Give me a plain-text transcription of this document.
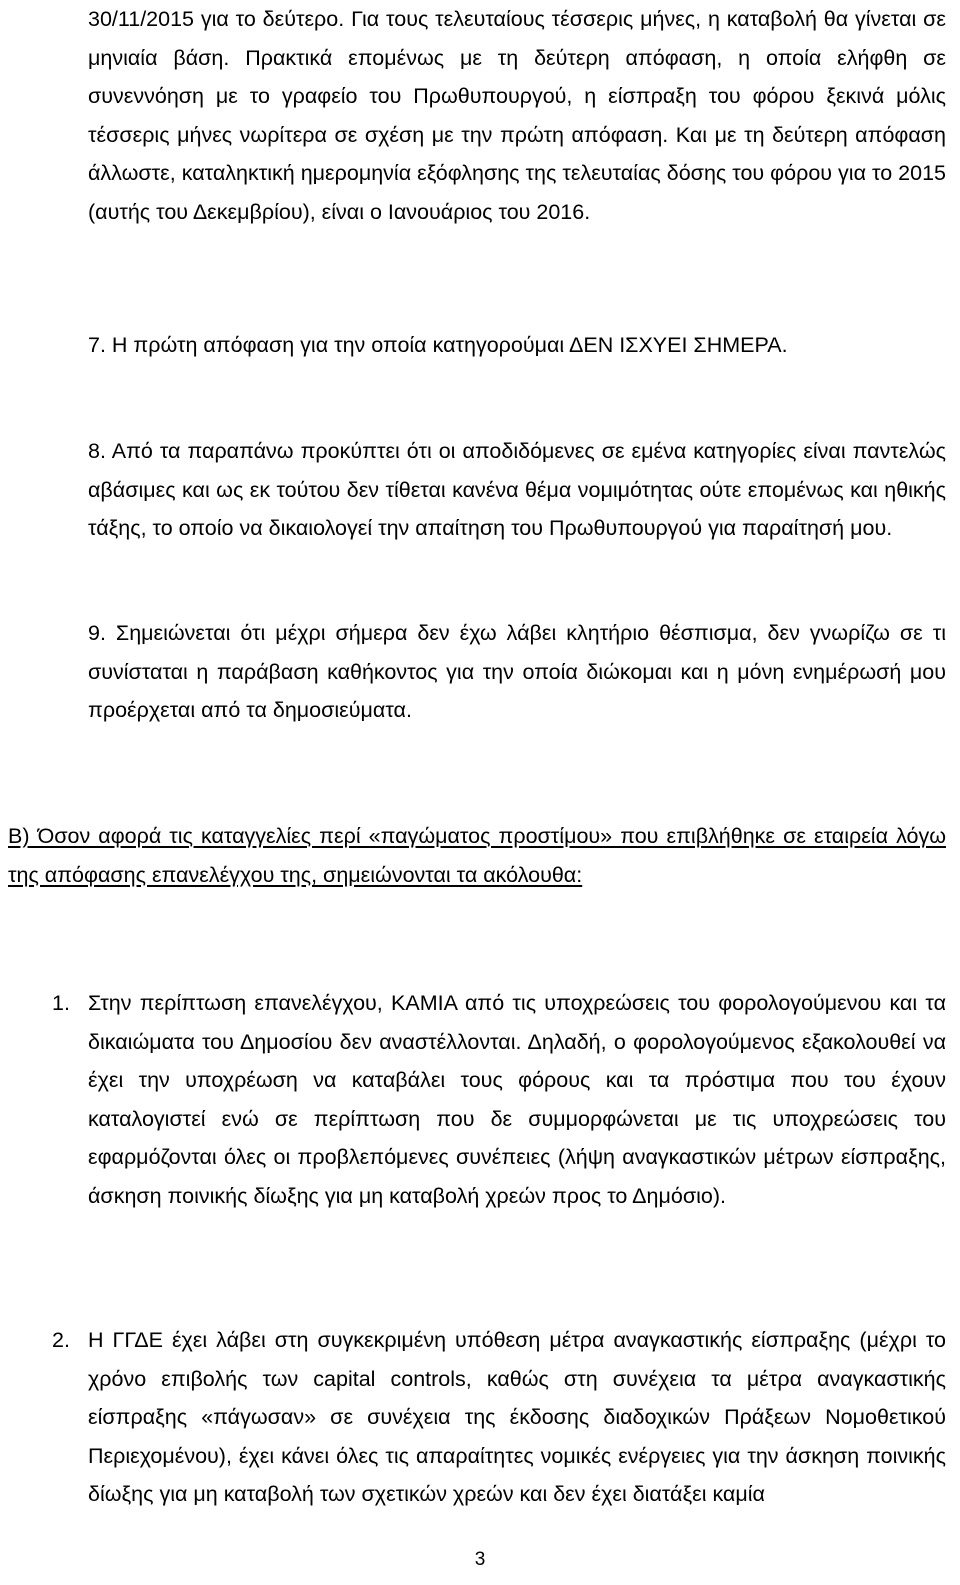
30/11/2015 για το δεύτερο. Για τους τελευταίους τέσσερις μήνες, η καταβολή θα γίνεται σε μηνιαία βάση. Πρακτικά επομένως με τη δεύτερη απόφαση, η οποία ελήφθη σε συνεννόηση με το γραφείο του Πρωθυπουργού, η είσπραξη του φόρου ξεκινά μόλις τέσσερις μήνες νωρίτερα σε σχέση με την πρώτη απόφαση. Και με τη δεύτερη απόφαση άλλωστε, καταληκτική ημερομηνία εξόφλησης της τελευταίας δόσης του φόρου για το 2015 (αυτής του Δεκεμβρίου), είναι ο Ιανουάριος του 2016.

7. Η πρώτη απόφαση για την οποία κατηγορούμαι ΔΕΝ ΙΣΧΥΕΙ ΣΗΜΕΡΑ.

8. Από τα παραπάνω προκύπτει ότι οι αποδιδόμενες σε εμένα κατηγορίες είναι παντελώς αβάσιμες και ως εκ τούτου δεν τίθεται κανένα θέμα νομιμότητας ούτε επομένως και ηθικής τάξης, το οποίο να δικαιολογεί την απαίτηση του Πρωθυπουργού για παραίτησή μου.

9. Σημειώνεται ότι μέχρι σήμερα δεν έχω λάβει κλητήριο θέσπισμα, δεν γνωρίζω σε τι συνίσταται η παράβαση καθήκοντος για την οποία διώκομαι και η μόνη ενημέρωσή μου προέρχεται από τα δημοσιεύματα.

Β) Όσον αφορά τις καταγγελίες περί «παγώματος προστίμου» που επιβλήθηκε σε εταιρεία λόγω της απόφασης επανελέγχου της, σημειώνονται τα ακόλουθα:

1. Στην περίπτωση επανελέγχου, ΚΑΜΙΑ από τις υποχρεώσεις του φορολογούμενου και τα δικαιώματα του Δημοσίου δεν αναστέλλονται. Δηλαδή, ο φορολογούμενος εξακολουθεί να έχει την υποχρέωση να καταβάλει τους φόρους και τα πρόστιμα που του έχουν καταλογιστεί ενώ σε περίπτωση που δε συμμορφώνεται με τις υποχρεώσεις του εφαρμόζονται όλες οι προβλεπόμενες συνέπειες (λήψη αναγκαστικών μέτρων είσπραξης, άσκηση ποινικής δίωξης για μη καταβολή χρεών προς το Δημόσιο).

2. Η ΓΓΔΕ έχει λάβει στη συγκεκριμένη υπόθεση μέτρα αναγκαστικής είσπραξης (μέχρι το χρόνο επιβολής των capital controls, καθώς στη συνέχεια τα μέτρα αναγκαστικής είσπραξης «πάγωσαν» σε συνέχεια της έκδοσης διαδοχικών Πράξεων Νομοθετικού Περιεχομένου), έχει κάνει όλες τις απαραίτητες νομικές ενέργειες για την άσκηση ποινικής δίωξης για μη καταβολή των σχετικών χρεών και δεν έχει διατάξει καμία

3
